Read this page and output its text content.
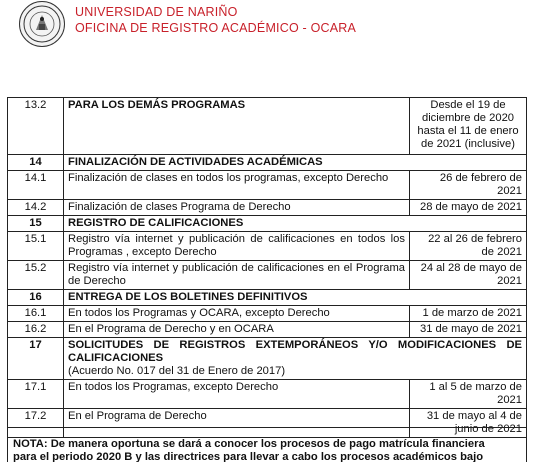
UNIVERSIDAD DE NARIÑO
OFICINA DE REGISTRO ACADÉMICO - OCARA
13.2	PARA LOS DEMÁS PROGRAMAS	Desde el 19 de diciembre de 2020 hasta el 11 de enero de 2021 (inclusive)
14	FINALIZACIÓN DE ACTIVIDADES ACADÉMICAS	
14.1	Finalización de clases en todos los programas, excepto Derecho	26 de febrero de 2021
14.2	Finalización de clases Programa de Derecho	28 de mayo de 2021
15	REGISTRO DE CALIFICACIONES	
15.1	Registro vía internet y publicación de calificaciones en todos los Programas , excepto Derecho	22 al 26 de febrero de 2021
15.2	Registro vía internet y publicación de calificaciones en el Programa de Derecho	24 al 28 de mayo de 2021
16	ENTREGA DE LOS BOLETINES DEFINITIVOS	
16.1	En todos los Programas y OCARA, excepto Derecho	1 de marzo de 2021
16.2	En el Programa de Derecho y en OCARA	31 de mayo de 2021
17	SOLICITUDES DE REGISTROS EXTEMPORÁNEOS Y/O MODIFICACIONES DE CALIFICACIONES
(Acuerdo No. 017 del 31 de Enero de 2017)	

17.1	En todos los Programas, excepto Derecho	1 al 5 de marzo de 2021
17.2	En el Programa de Derecho	31 de mayo al 4 de junio de 2021
NOTA: De manera oportuna se dará a conocer los procesos de pago matrícula financiera
para el periodo 2020 B y las directrices para llevar a cabo los procesos académicos bajo
